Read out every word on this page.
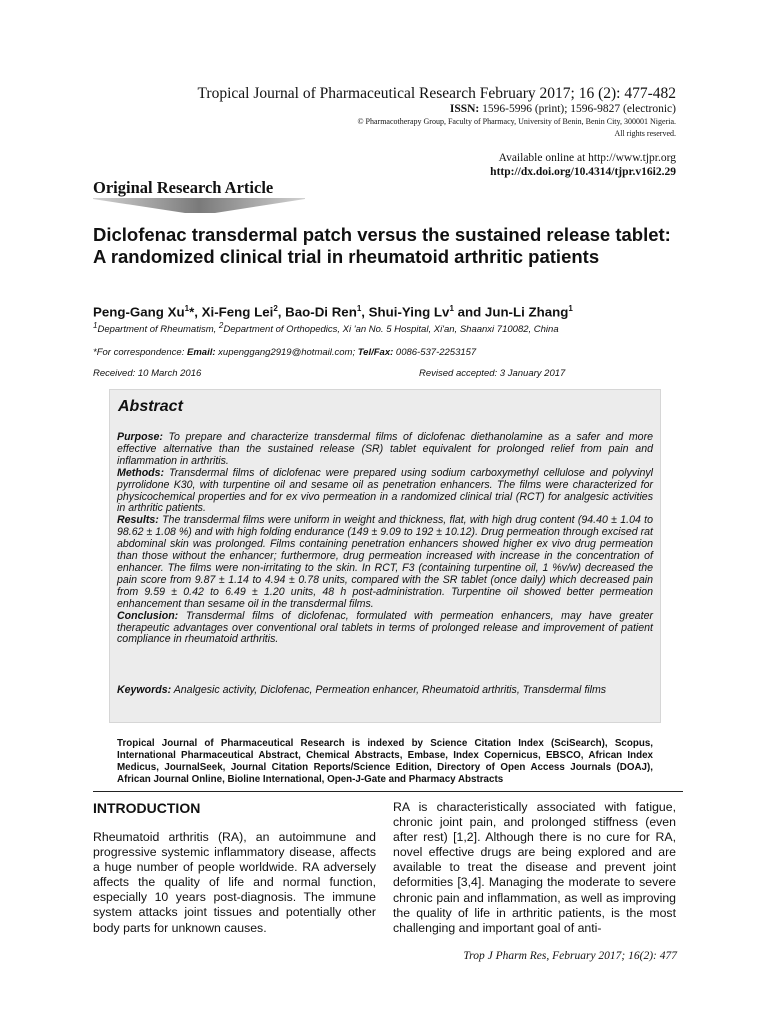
Tropical Journal of Pharmaceutical Research February 2017; 16 (2): 477-482
ISSN: 1596-5996 (print); 1596-9827 (electronic)
© Pharmacotherapy Group, Faculty of Pharmacy, University of Benin, Benin City, 300001 Nigeria.
All rights reserved.
Available online at http://www.tjpr.org
http://dx.doi.org/10.4314/tjpr.v16i2.29
Original Research Article
Diclofenac transdermal patch versus the sustained release tablet: A randomized clinical trial in rheumatoid arthritic patients
Peng-Gang Xu$^1$*, Xi-Feng Lei$^2$, Bao-Di Ren$^1$, Shui-Ying Lv$^1$ and Jun-Li Zhang$^1$
$^1$Department of Rheumatism, $^2$Department of Orthopedics, Xi 'an No. 5 Hospital, Xi'an, Shaanxi 710082, China
*For correspondence: Email: xupenggang2919@hotmail.com; Tel/Fax: 0086-537-2253157
Received: 10 March 2016	Revised accepted: 3 January 2017
Abstract

Purpose: To prepare and characterize transdermal films of diclofenac diethanolamine as a safer and more effective alternative than the sustained release (SR) tablet equivalent for prolonged relief from pain and inflammation in arthritis.

Methods: Transdermal films of diclofenac were prepared using sodium carboxymethyl cellulose and polyvinyl pyrrolidone K30, with turpentine oil and sesame oil as penetration enhancers. The films were characterized for physicochemical properties and for ex vivo permeation in a randomized clinical trial (RCT) for analgesic activities in arthritic patients.

Results: The transdermal films were uniform in weight and thickness, flat, with high drug content (94.40 ± 1.04 to 98.62 ± 1.08 %) and with high folding endurance (149 ± 9.09 to 192 ± 10.12). Drug permeation through excised rat abdominal skin was prolonged. Films containing penetration enhancers showed higher ex vivo drug permeation than those without the enhancer; furthermore, drug permeation increased with increase in the concentration of enhancer. The films were non-irritating to the skin. In RCT, F3 (containing turpentine oil, 1 %v/w) decreased the pain score from 9.87 ± 1.14 to 4.94 ± 0.78 units, compared with the SR tablet (once daily) which decreased pain from 9.59 ± 0.42 to 6.49 ± 1.20 units, 48 h post-administration. Turpentine oil showed better permeation enhancement than sesame oil in the transdermal films.

Conclusion: Transdermal films of diclofenac, formulated with permeation enhancers, may have greater therapeutic advantages over conventional oral tablets in terms of prolonged release and improvement of patient compliance in rheumatoid arthritis.

Keywords: Analgesic activity, Diclofenac, Permeation enhancer, Rheumatoid arthritis, Transdermal films
Tropical Journal of Pharmaceutical Research is indexed by Science Citation Index (SciSearch), Scopus, International Pharmaceutical Abstract, Chemical Abstracts, Embase, Index Copernicus, EBSCO, African Index Medicus, JournalSeek, Journal Citation Reports/Science Edition, Directory of Open Access Journals (DOAJ), African Journal Online, Bioline International, Open-J-Gate and Pharmacy Abstracts
INTRODUCTION
Rheumatoid arthritis (RA), an autoimmune and progressive systemic inflammatory disease, affects a huge number of people worldwide. RA adversely affects the quality of life and normal function, especially 10 years post-diagnosis. The immune system attacks joint tissues and potentially other body parts for unknown causes.
RA is characteristically associated with fatigue, chronic joint pain, and prolonged stiffness (even after rest) [1,2]. Although there is no cure for RA, novel effective drugs are being explored and are available to treat the disease and prevent joint deformities [3,4]. Managing the moderate to severe chronic pain and inflammation, as well as improving the quality of life in arthritic patients, is the most challenging and important goal of anti-
Trop J Pharm Res, February 2017; 16(2): 477
